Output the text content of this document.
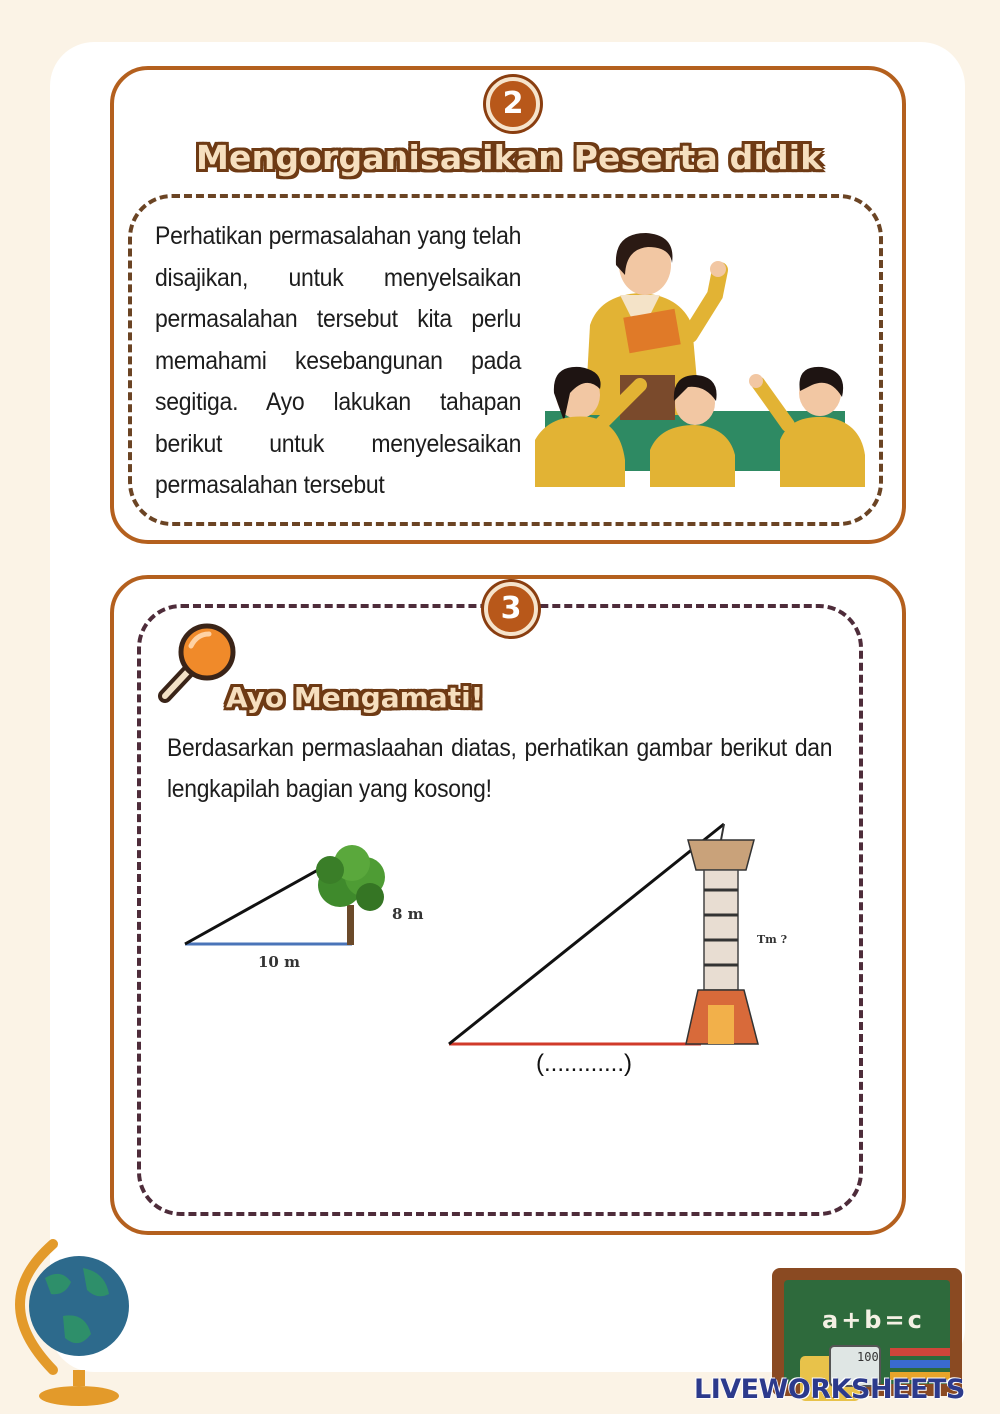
2
Mengorganisasikan Peserta didik
Perhatikan permasalahan yang telah disajikan, untuk menyelsaikan permasalahan tersebut kita perlu memahami kesebangunan pada segitiga. Ayo lakukan tahapan berikut untuk menyelesaikan permasalahan tersebut
3
Ayo Mengamati!
Berdasarkan permaslaahan diatas, perhatikan gambar berikut dan lengkapilah bagian yang kosong!
8 m
10 m
Tm ?
(............)
a+b=c
100
LIVEWORKSHEETS
